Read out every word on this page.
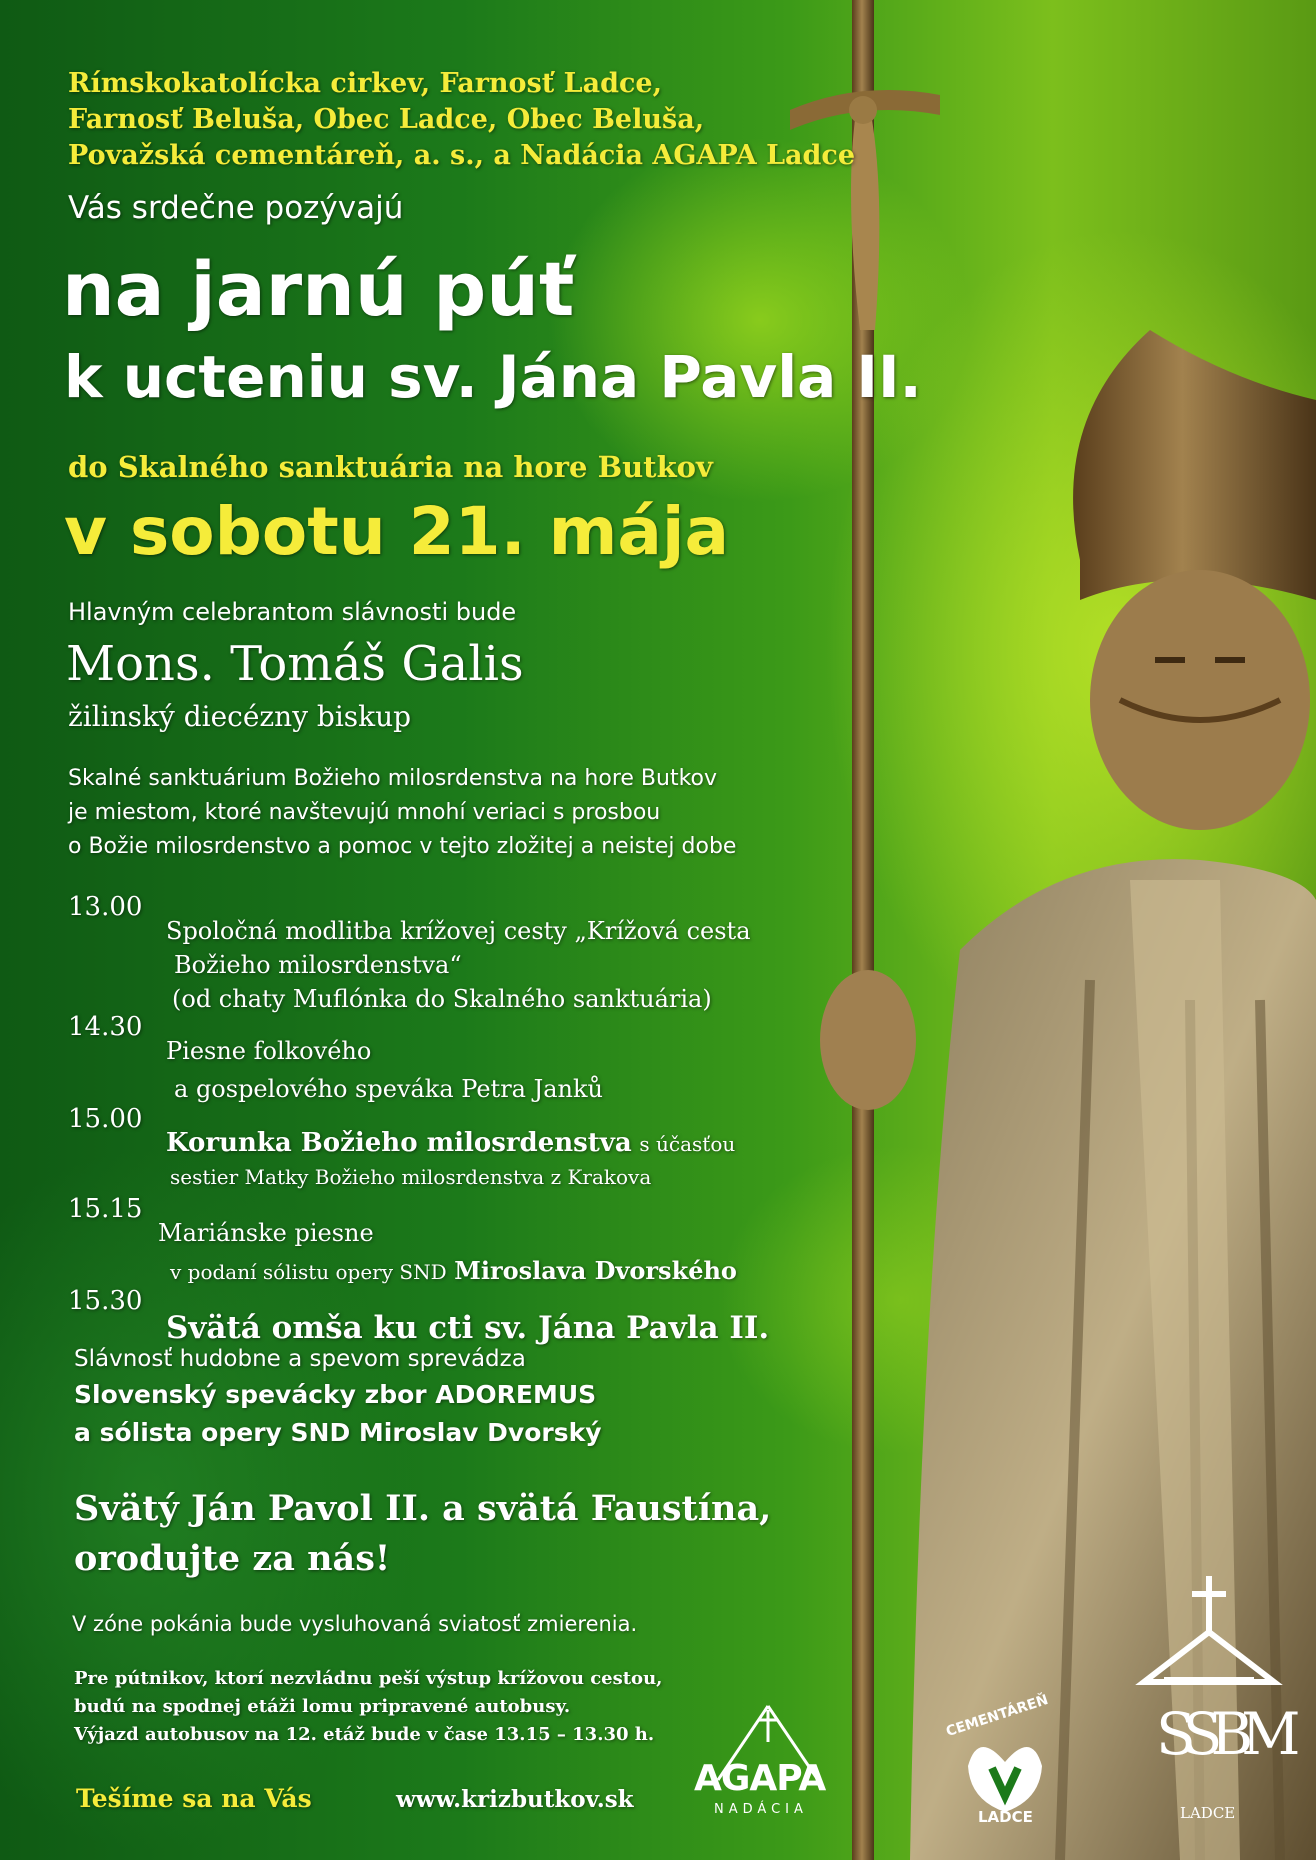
Rímskokatolícka cirkev, Farnosť Ladce,

Farnosť Beluša, Obec Ladce, Obec Beluša,

Považská cementáreň, a. s., a Nadácia AGAPA Ladce

Vás srdečne pozývajú

na jarnú púť
k ucteniu sv. Jána Pavla II.

do Skalného sanktuária na hore Butkov

v sobotu 21. mája

Hlavným celebrantom slávnosti bude

Mons. Tomáš Galis

žilinský diecézny biskup

Skalné sanktuárium Božieho milosrdenstva na hore Butkov

je miestom, ktoré navštevujú mnohí veriaci s prosbou

o Božie milosrdenstvo a pomoc v tejto zložitej a neistej dobe

13.00

Spoločná modlitba krížovej cesty „Krížová cesta

Božieho milosrdenstva“

(od chaty Muflónka do Skalného sanktuária)

14.30

Piesne folkového

a gospelového speváka Petra Janků

15.00

Korunka Božieho milosrdenstva s účasťou

sestier Matky Božieho milosrdenstva z Krakova

15.15

Mariánske piesne

v podaní sólistu opery SND Miroslava Dvorského

15.30

Svätá omša ku cti sv. Jána Pavla II.

Slávnosť hudobne a spevom sprevádza

Slovenský spevácky zbor ADOREMUS

a sólista opery SND Miroslav Dvorský

Svätý Ján Pavol II. a svätá Faustína,

orodujte za nás!

V zóne pokánia bude vysluhovaná sviatosť zmierenia.

Pre pútnikov, ktorí nezvládnu peší výstup krížovou cestou,

budú na spodnej etáži lomu pripravené autobusy.

Výjazd autobusov na 12. etáž bude v čase 13.15 – 13.30 h.

Tešíme sa na Vás	www.krizbutkov.sk

AGAPA

NADÁCIA

CEMENTÁREŇ

LADCE

SSBM

LADCE
